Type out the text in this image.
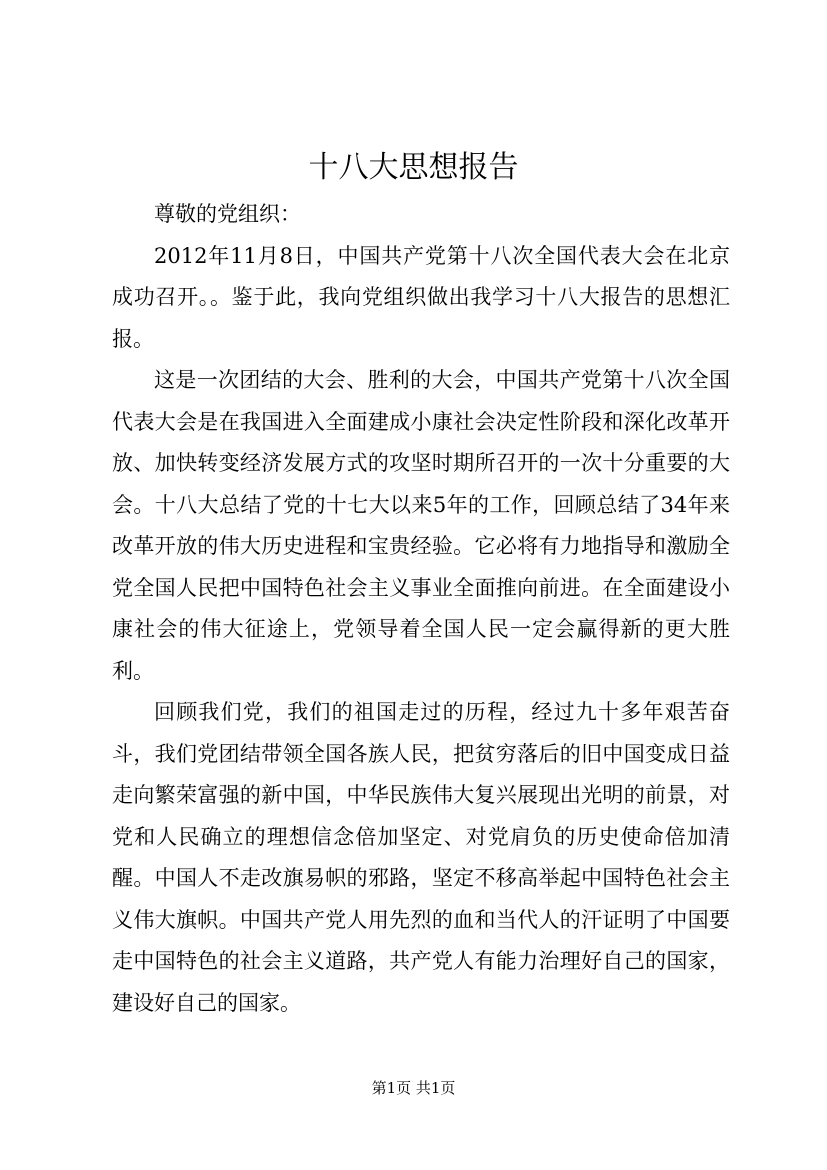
十八大思想报告

尊敬的党组织：

2012年11月8日，中国共产党第十八次全国代表大会在北京成功召开。。鉴于此，我向党组织做出我学习十八大报告的思想汇报。

这是一次团结的大会、胜利的大会，中国共产党第十八次全国代表大会是在我国进入全面建成小康社会决定性阶段和深化改革开放、加快转变经济发展方式的攻坚时期所召开的一次十分重要的大会。十八大总结了党的十七大以来5年的工作，回顾总结了34年来改革开放的伟大历史进程和宝贵经验。它必将有力地指导和激励全党全国人民把中国特色社会主义事业全面推向前进。在全面建设小康社会的伟大征途上，党领导着全国人民一定会赢得新的更大胜利。

回顾我们党，我们的祖国走过的历程，经过九十多年艰苦奋斗，我们党团结带领全国各族人民，把贫穷落后的旧中国变成日益走向繁荣富强的新中国，中华民族伟大复兴展现出光明的前景，对党和人民确立的理想信念倍加坚定、对党肩负的历史使命倍加清醒。中国人不走改旗易帜的邪路，坚定不移高举起中国特色社会主义伟大旗帜。中国共产党人用先烈的血和当代人的汗证明了中国要走中国特色的社会主义道路，共产党人有能力治理好自己的国家，建设好自己的国家。

第1页 共1页
